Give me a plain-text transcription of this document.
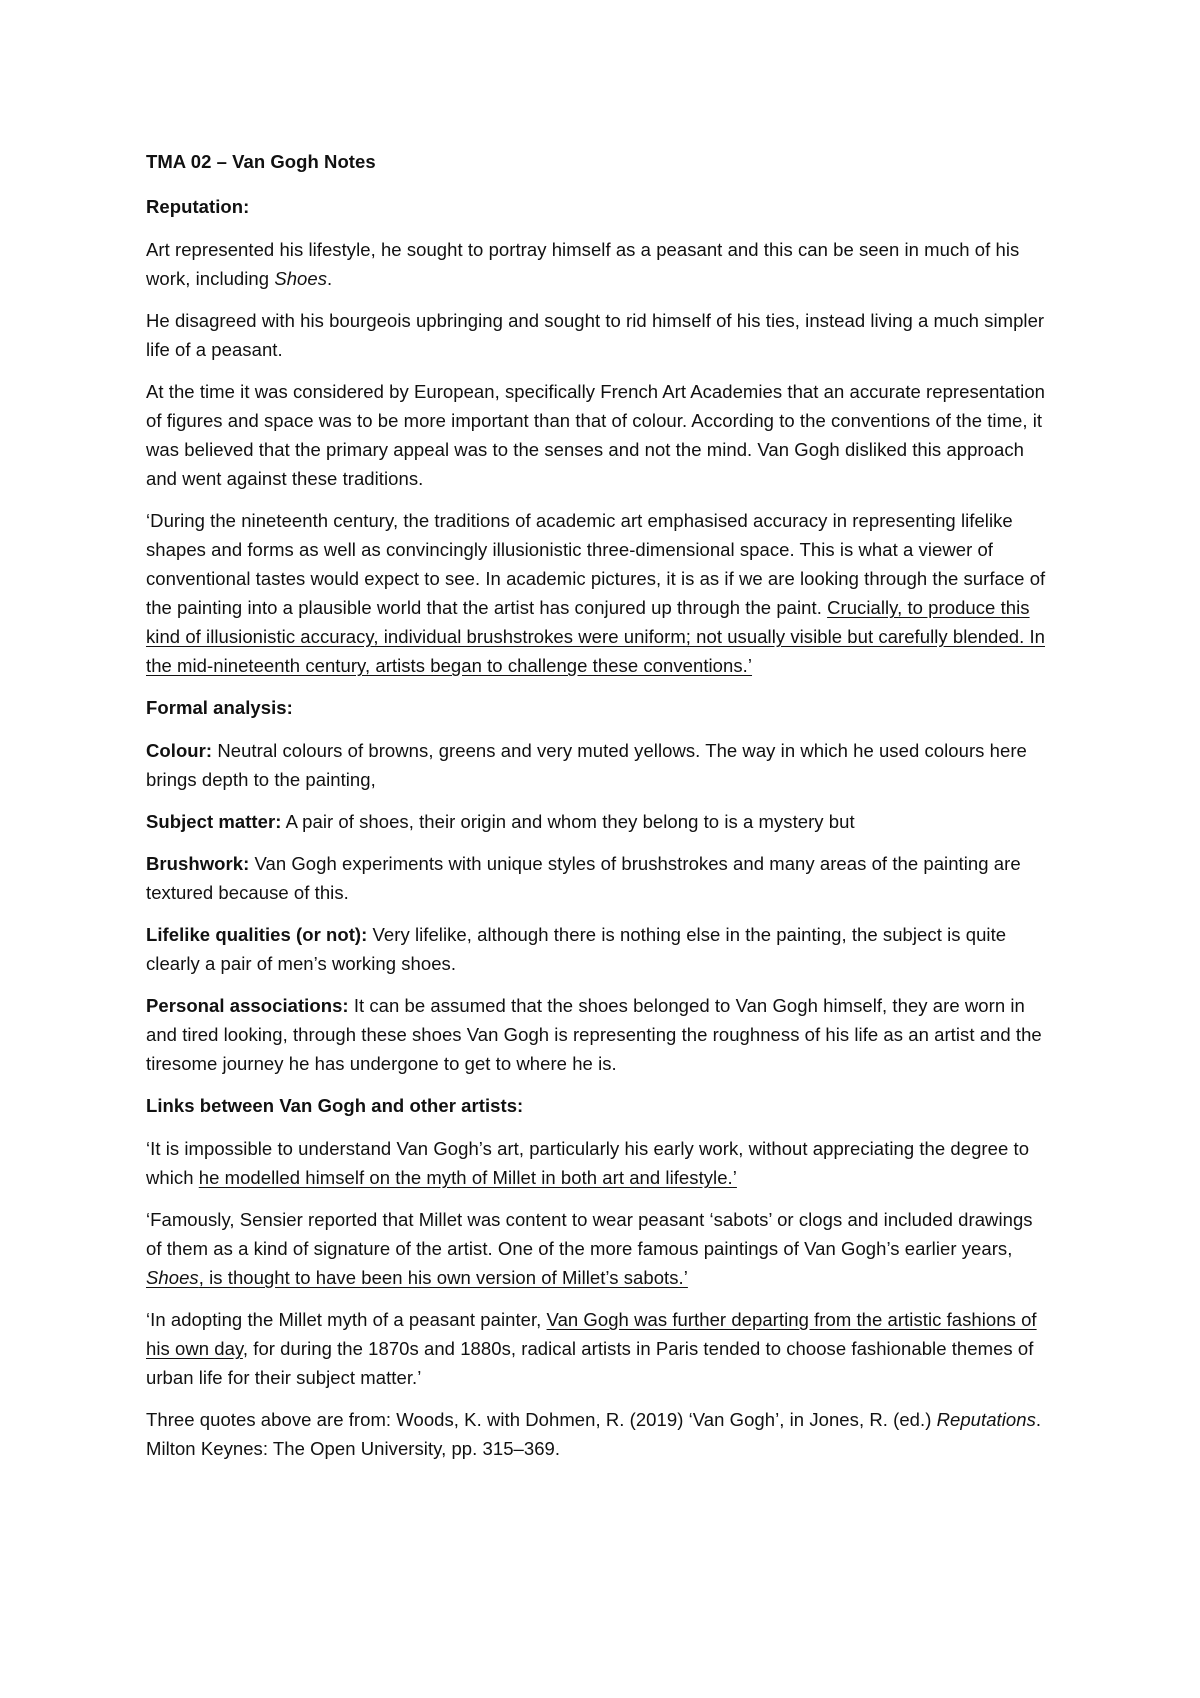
TMA 02 – Van Gogh Notes

Reputation:

Art represented his lifestyle, he sought to portray himself as a peasant and this can be seen in much of his work, including Shoes.

He disagreed with his bourgeois upbringing and sought to rid himself of his ties, instead living a much simpler life of a peasant.

At the time it was considered by European, specifically French Art Academies that an accurate representation of figures and space was to be more important than that of colour. According to the conventions of the time, it was believed that the primary appeal was to the senses and not the mind. Van Gogh disliked this approach and went against these traditions.

‘During the nineteenth century, the traditions of academic art emphasised accuracy in representing lifelike shapes and forms as well as convincingly illusionistic three-dimensional space. This is what a viewer of conventional tastes would expect to see. In academic pictures, it is as if we are looking through the surface of the painting into a plausible world that the artist has conjured up through the paint. Crucially, to produce this kind of illusionistic accuracy, individual brushstrokes were uniform; not usually visible but carefully blended. In the mid-nineteenth century, artists began to challenge these conventions.’

Formal analysis:

Colour: Neutral colours of browns, greens and very muted yellows. The way in which he used colours here brings depth to the painting,

Subject matter: A pair of shoes, their origin and whom they belong to is a mystery but

Brushwork: Van Gogh experiments with unique styles of brushstrokes and many areas of the painting are textured because of this.

Lifelike qualities (or not): Very lifelike, although there is nothing else in the painting, the subject is quite clearly a pair of men’s working shoes.

Personal associations: It can be assumed that the shoes belonged to Van Gogh himself, they are worn in and tired looking, through these shoes Van Gogh is representing the roughness of his life as an artist and the tiresome journey he has undergone to get to where he is.

Links between Van Gogh and other artists:

‘It is impossible to understand Van Gogh’s art, particularly his early work, without appreciating the degree to which he modelled himself on the myth of Millet in both art and lifestyle.’

‘Famously, Sensier reported that Millet was content to wear peasant ‘sabots’ or clogs and included drawings of them as a kind of signature of the artist. One of the more famous paintings of Van Gogh’s earlier years, Shoes, is thought to have been his own version of Millet’s sabots.’

‘In adopting the Millet myth of a peasant painter, Van Gogh was further departing from the artistic fashions of his own day, for during the 1870s and 1880s, radical artists in Paris tended to choose fashionable themes of urban life for their subject matter.’

Three quotes above are from: Woods, K. with Dohmen, R. (2019) ‘Van Gogh’, in Jones, R. (ed.) Reputations. Milton Keynes: The Open University, pp. 315–369.
